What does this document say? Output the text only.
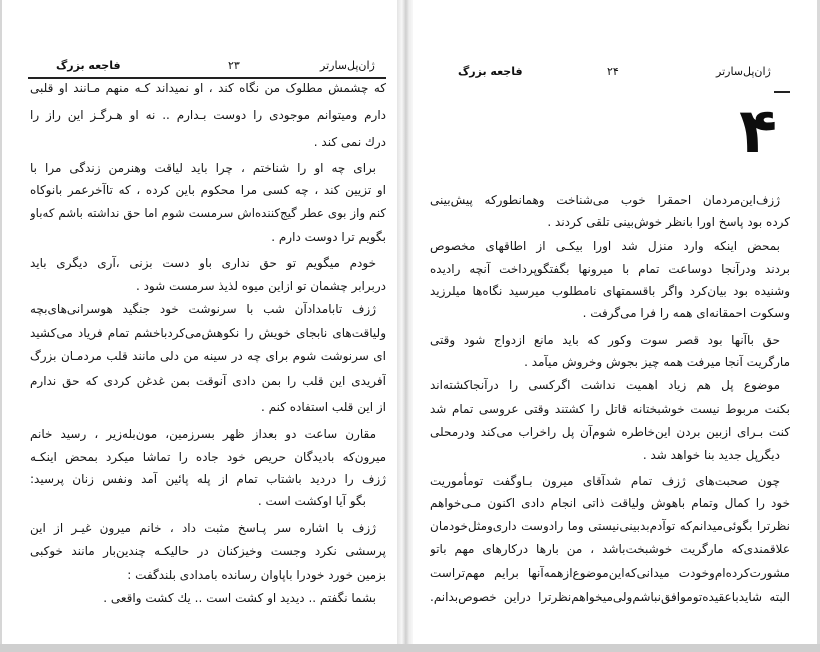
فاجعه بزرگ	۲۳	ژان‌پل‌سارتر
که چشمش مطلوک من نگاه کند ، او نمیداند کـه منهم مـانند او قلبی
دارم ومیتوانم موجودی را دوست بـدارم .. نه او هـرگـز این راز را
درك نمی کند .
برای چه او را شناختم ، چرا باید لیاقت وهنرمن زندگی مرا با
او تزیین کند ، چه کسی مرا محکوم باین کرده ، که تاآخرعمر بانوکاه
کنم واز بوی عطر گیج‌کننده‌اش سرمست شوم اما حق نداشته باشم که‌باو
بگویم ترا دوست دارم .
خودم میگویم تو حق نداری باو دست بزنی ،آری دیگری باید
دربرابر چشمان تو ازاین میوه لذیذ سرمست شود .
ژزف تابامدادآن شب با سرنوشت خود جنگید هوسرانی‌های‌بچه
ولیاقت‌های نابجای خویش را نکوهش‌می‌کردباخشم تمام فریاد می‌کشید
ای سرنوشت شوم برای چه در سینه من دلی مانند قلب مردمـان بزرگ
آفریدی این قلب را بمن دادی آنوقت بمن غدغن کردی که حق ندارم
از این قلب استفاده کنم .
مقارن ساعت دو بعداز ظهر بسرزمین، مون‌بله‌زیر ، رسید خانم
میرون‌که بادیدگان حریص خود جاده را تماشا میکرد بمحض اینکـه
ژزف را دردید باشتاب تمام از پله پائین آمد ونفس زنان پرسید:
بگو آیا اوکشت است .
ژزف با اشاره سر پـاسخ مثبت داد ، خانم میرون غیـر از این
پرسشی نکرد وجست وخیزکنان در حالیکـه چندین‌بار مانند خوکبی
بزمین خورد خودرا باپاوان رسانده بامدادی بلندگفت :
بشما نگفتم .. دیدید او کشت است .. یك کشت واقعی .
فاجعه بزرگ	۲۴	ژان‌پل‌سارتر
۴
ژزف‌این‌مردمان احمقرا خوب می‌شناخت وهمانطورکه پیش‌بینی
کرده بود پاسخ اورا بانظر خوش‌بینی تلقی کردند .
بمحض اینکه وارد منزل شد اورا بیکـی از اطاقهای مخصوص
بردند ودرآنجا دوساعت تمام با میرونها بگفتگوپرداخت آنچه رادیده
وشنیده بود بیان‌کرد واگر باقسمتهای نامطلوب میرسید نگاه‌ها میلرزید
وسکوت احمقانه‌ای همه را فرا می‌گرفت .
حق باآنها بود قصر سوت وکور که باید مانع ازدواج شود وقتی
مارگریت آنجا میرفت همه چیز بجوش وخروش میآمد .
موضوع پل هم زیاد اهمیت نداشت اگرکسی را درآنجاکشته‌اند
بکنت مربوط نیست خوشبختانه قاتل را کشتند وقتی عروسی تمام شد
کنت بـرای از‌بین بردن این‌خاطره شوم‌آن پل راخراب می‌کند ودرمحلی
دیگرپل جدید بنا خواهد شد .
چون صحبت‌های ژزف تمام شد‌آقای میرون بـاوگفت تومأموریت
خود را کمال وتمام باهوش ولیاقت ذاتی انجام دادی اکنون مـی‌خواهم
نظرترا بگوئی‌میدانم‌که توآدم‌بدبینی‌نیستی وما رادوست داری‌ومثل‌خودمان
علاقمندی‌که مارگریت خوشبخت‌باشد ، من بارها درکارهای مهم باتو
مشورت‌کرده‌ام‌وخودت میدانی‌که‌این‌موضوع‌ازهمه‌آنها برایم مهم‌تراست
البته شاید‌باعقیده‌توموافق‌نباشم‌ولی‌میخواهم‌نظرترا دراین خصوص‌بدانم.
